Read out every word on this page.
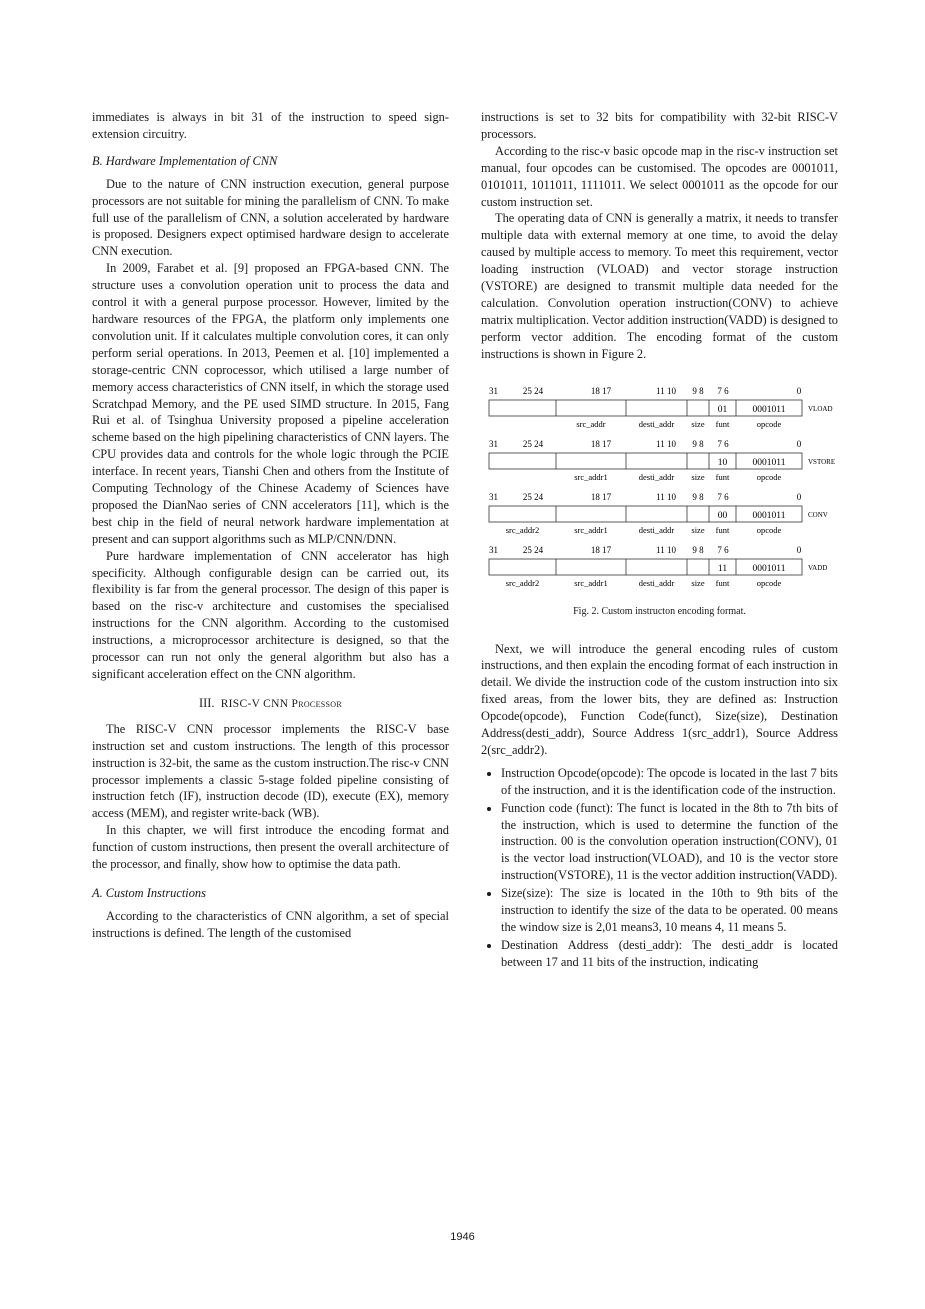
immediates is always in bit 31 of the instruction to speed sign-extension circuitry.

B. Hardware Implementation of CNN

Due to the nature of CNN instruction execution, general purpose processors are not suitable for mining the parallelism of CNN. To make full use of the parallelism of CNN, a solution accelerated by hardware is proposed. Designers expect optimised hardware design to accelerate CNN execution.

In 2009, Farabet et al. [9] proposed an FPGA-based CNN. The structure uses a convolution operation unit to process the data and control it with a general purpose processor. However, limited by the hardware resources of the FPGA, the platform only implements one convolution unit. If it calculates multiple convolution cores, it can only perform serial operations. In 2013, Peemen et al. [10] implemented a storage-centric CNN coprocessor, which utilised a large number of memory access characteristics of CNN itself, in which the storage used Scratchpad Memory, and the PE used SIMD structure. In 2015, Fang Rui et al. of Tsinghua University proposed a pipeline acceleration scheme based on the high pipelining characteristics of CNN layers. The CPU provides data and controls for the whole logic through the PCIE interface. In recent years, Tianshi Chen and others from the Institute of Computing Technology of the Chinese Academy of Sciences have proposed the DianNao series of CNN accelerators [11], which is the best chip in the field of neural network hardware implementation at present and can support algorithms such as MLP/CNN/DNN.

Pure hardware implementation of CNN accelerator has high specificity. Although configurable design can be carried out, its flexibility is far from the general processor. The design of this paper is based on the risc-v architecture and customises the specialised instructions for the CNN algorithm. According to the customised instructions, a microprocessor architecture is designed, so that the processor can run not only the general algorithm but also has a significant acceleration effect on the CNN algorithm.

III. RISC-V CNN Processor

The RISC-V CNN processor implements the RISC-V base instruction set and custom instructions. The length of this processor instruction is 32-bit, the same as the custom instruction.The risc-v CNN processor implements a classic 5-stage folded pipeline consisting of instruction fetch (IF), instruction decode (ID), execute (EX), memory access (MEM), and register write-back (WB).

In this chapter, we will first introduce the encoding format and function of custom instructions, then present the overall architecture of the processor, and finally, show how to optimise the data path.

A. Custom Instructions

According to the characteristics of CNN algorithm, a set of special instructions is defined. The length of the customised

instructions is set to 32 bits for compatibility with 32-bit RISC-V processors.

According to the risc-v basic opcode map in the risc-v instruction set manual, four opcodes can be customised. The opcodes are 0001011, 0101011, 1011011, 1111011. We select 0001011 as the opcode for our custom instruction set.

The operating data of CNN is generally a matrix, it needs to transfer multiple data with external memory at one time, to avoid the delay caused by multiple access to memory. To meet this requirement, vector loading instruction (VLOAD) and vector storage instruction (VSTORE) are designed to transmit multiple data needed for the calculation. Convolution operation instruction(CONV) to achieve matrix multiplication. Vector addition instruction(VADD) is designed to perform vector addition. The encoding format of the custom instructions is shown in Figure 2.

31	25 24	18 17	11 10 9 8 7 6	0
01	0001011	VLOAD
src_addr	desti_addr size funt	opcode
31	25 24	18 17	11 10 9 8 7 6	0
10	0001011	VSTORE
src_addr1	desti_addr size funt	opcode
31	25 24	18 17	11 10 9 8 7 6	0
00	0001011	CONV
src_addr2	src_addr1	desti_addr size funt	opcode
31	25 24	18 17	11 10 9 8 7 6	0
11	0001011	VADD
src_addr2	src_addr1	desti_addr size funt	opcode
Fig. 2. Custom instructon encoding format.

Next, we will introduce the general encoding rules of custom instructions, and then explain the encoding format of each instruction in detail. We divide the instruction code of the custom instruction into six fixed areas, from the lower bits, they are defined as: Instruction Opcode(opcode), Function Code(funct), Size(size), Destination Address(desti_addr), Source Address 1(src_addr1), Source Address 2(src_addr2).

• Instruction Opcode(opcode): The opcode is located in the last 7 bits of the instruction, and it is the identification code of the instruction.
• Function code (funct): The funct is located in the 8th to 7th bits of the instruction, which is used to determine the function of the instruction. 00 is the convolution operation instruction(CONV), 01 is the vector load instruction(VLOAD), and 10 is the vector store instruction(VSTORE), 11 is the vector addition instruction(VADD).
• Size(size): The size is located in the 10th to 9th bits of the instruction to identify the size of the data to be operated. 00 means the window size is 2,01 means3, 10 means 4, 11 means 5.
• Destination Address (desti_addr): The desti_addr is located between 17 and 11 bits of the instruction, indicating
1946
